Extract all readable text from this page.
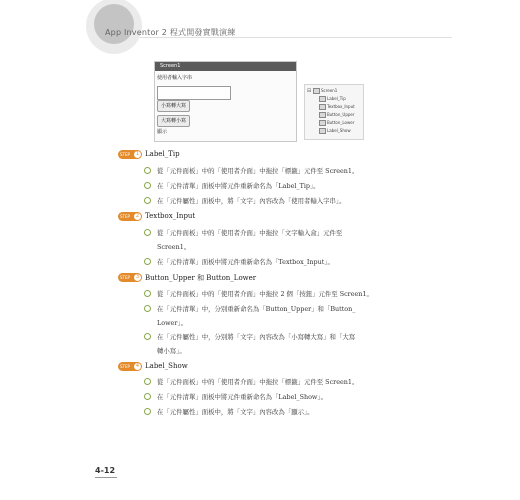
App Inventor 2 程式開發實戰演練
Screen1
使用者輸入字串
小寫轉大寫
大寫轉小寫
顯示
⊟	Screen1
Label_Tip
Textbox_Input
Button_Upper
Button_Lower
Label_Show
STEP	1 Label_Tip
從「元件面板」中的「使用者介面」中拖拉「標籤」元件至 Screen1。
在「元件清單」面板中將元件重新命名為「Label_Tip」。
在「元件屬性」面板中，將「文字」內容改為「使用者輸入字串」。
STEP	2 Textbox_Input
從「元件面板」中的「使用者介面」中拖拉「文字輸入盒」元件至
Screen1。
在「元件清單」面板中將元件重新命名為「Textbox_Input」。
STEP	3 Button_Upper 和 Button_Lower
從「元件面板」中的「使用者介面」中拖拉 2 個「按鈕」元件至 Screen1。
在「元件清單」中，分別重新命名為「Button_Upper」和「Button_
Lower」。
在「元件屬性」中，分別將「文字」內容改為「小寫轉大寫」和「大寫
轉小寫」。
STEP	4 Label_Show
從「元件面板」中的「使用者介面」中拖拉「標籤」元件至 Screen1。
在「元件清單」面板中將元件重新命名為「Label_Show」。
在「元件屬性」面板中，將「文字」內容改為「顯示」。
4-12
